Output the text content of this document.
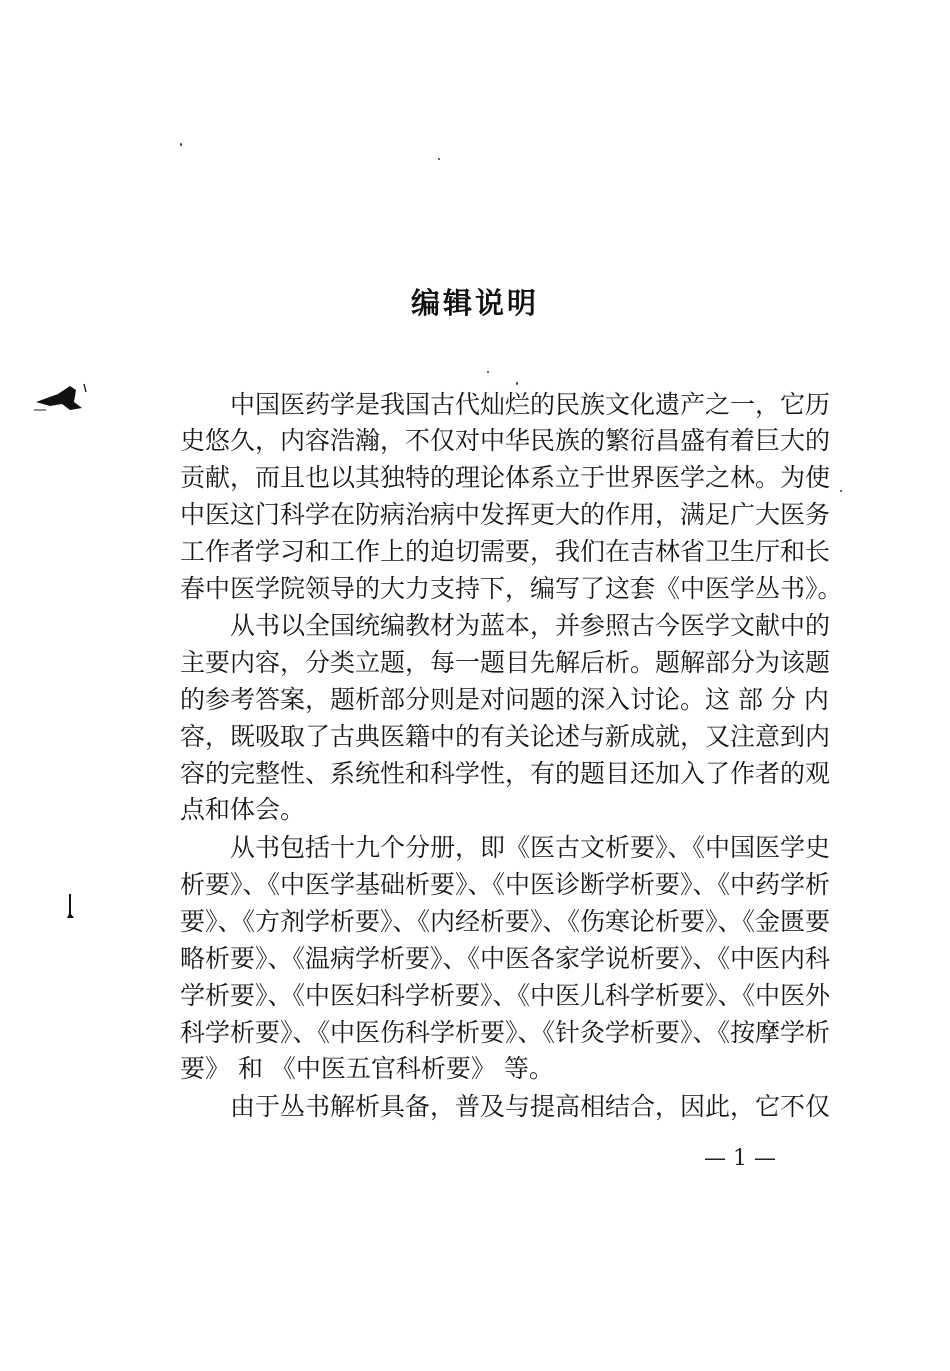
编辑说明
中国医药学是我国古代灿烂的民族文化遗产之一，它历
史悠久，内容浩瀚，不仅对中华民族的繁衍昌盛有着巨大的
贡献，而且也以其独特的理论体系立于世界医学之林。为使
中医这门科学在防病治病中发挥更大的作用，满足广大医务
工作者学习和工作上的迫切需要，我们在吉林省卫生厅和长
春中医学院领导的大力支持下，编写了这套《中医学丛书》。
从书以全国统编教材为蓝本，并参照古今医学文献中的
主要内容，分类立题，每一题目先解后析。题解部分为该题
的参考答案，题析部分则是对问题的深入讨论。这 部 分 内
容，既吸取了古典医籍中的有关论述与新成就，又注意到内
容的完整性、系统性和科学性，有的题目还加入了作者的观
点和体会。
从书包括十九个分册，即《医古文析要》、《中国医学史
析要》、《中医学基础析要》、《中医诊断学析要》、《中药学析
要》、《方剂学析要》、《内经析要》、《伤寒论析要》、《金匮要
略析要》、《温病学析要》、《中医各家学说析要》、《中医内科
学析要》、《中医妇科学析要》、《中医儿科学析要》、《中医外
科学析要》、《中医伤科学析要》、《针灸学析要》、《按摩学析
要》 和 《中医五官科析要》 等。
由于丛书解析具备，普及与提高相结合，因此，它不仅
— 1 —
